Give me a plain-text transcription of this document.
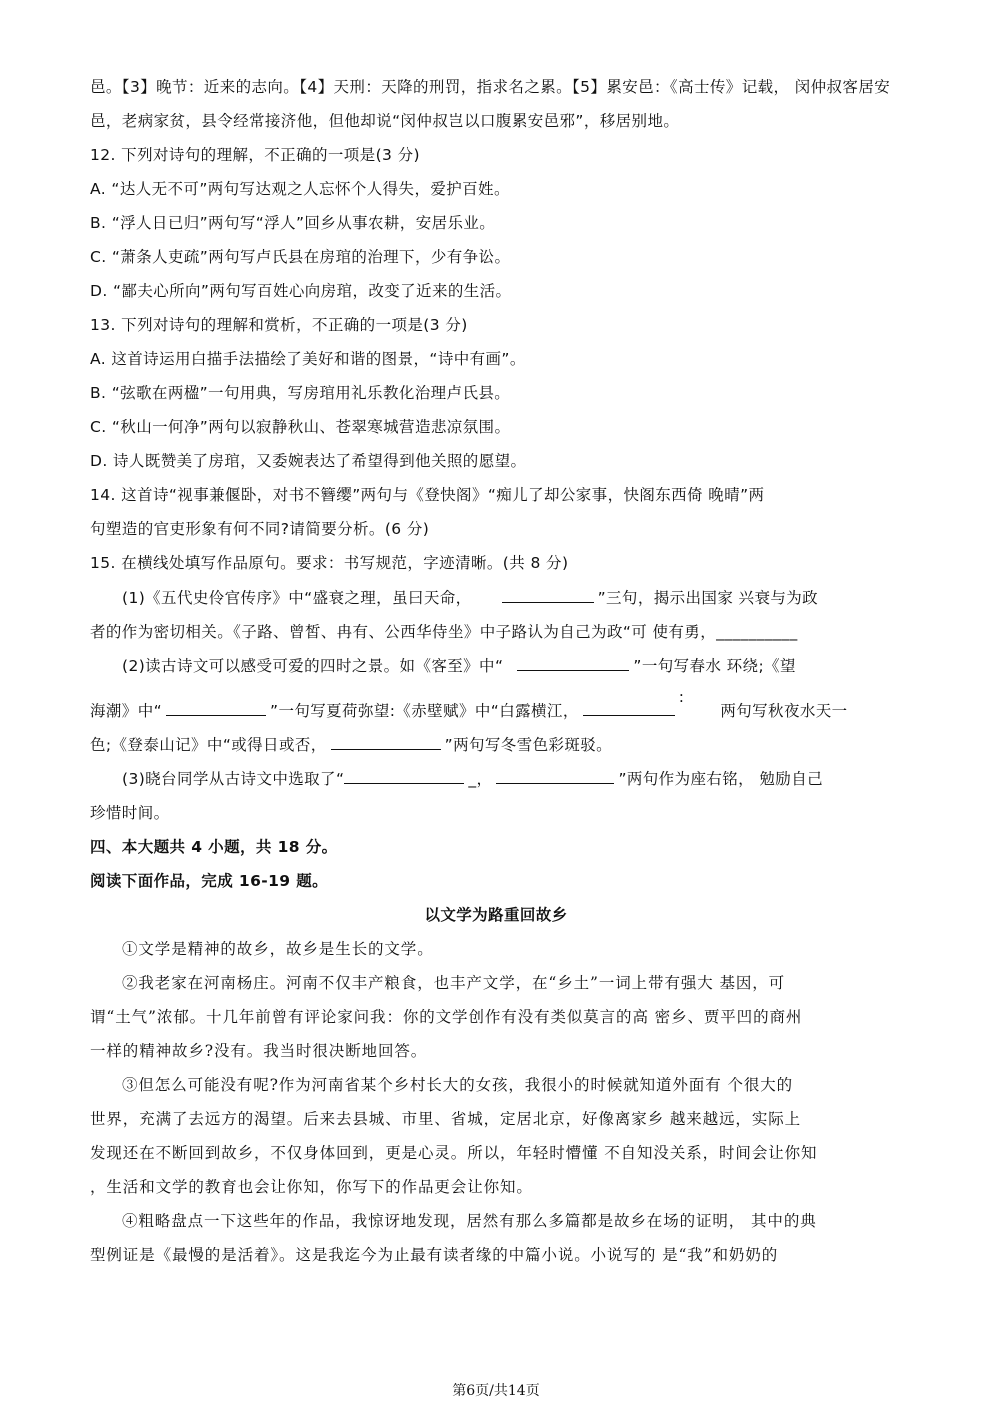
邑。【3】晚节：近来的志向。【4】天刑：天降的刑罚，指求名之累。【5】累安邑：《高士传》记载， 闵仲叔客居安
邑，老病家贫，县令经常接济他，但他却说“闵仲叔岂以口腹累安邑邪”，移居别地。
12. 下列对诗句的理解，不正确的一项是(3 分)
A. “达人无不可”两句写达观之人忘怀个人得失，爱护百姓。
B. “浮人日已归”两句写“浮人”回乡从事农耕，安居乐业。
C. “萧条人吏疏”两句写卢氏县在房琯的治理下，少有争讼。
D. “鄙夫心所向”两句写百姓心向房琯，改变了近来的生活。
13. 下列对诗句的理解和赏析，不正确的一项是(3 分)
A. 这首诗运用白描手法描绘了美好和谐的图景，“诗中有画”。
B. “弦歌在两楹”一句用典，写房琯用礼乐教化治理卢氏县。
C. “秋山一何净”两句以寂静秋山、苍翠寒城营造悲凉氛围。
D. 诗人既赞美了房琯，又委婉表达了希望得到他关照的愿望。
14. 这首诗“视事兼偃卧，对书不簪缨”两句与《登快阁》“痴儿了却公家事，快阁东西倚 晚晴”两
句塑造的官吏形象有何不同?请简要分析。(6 分)
15. 在横线处填写作品原句。要求：书写规范，字迹清晰。(共 8 分)
(1)《五代史伶官传序》中“盛衰之理，虽曰天命，	”三句，揭示出国家 兴衰与为政
者的作为密切相关。《子路、曾皙、冉有、公西华侍坐》中子路认为自己为政“可 使有勇，__________
(2)读古诗文可以感受可爱的四时之景。如《客至》中“	”一句写春水 环绕;《望
海潮》中“	”一句写夏荷弥望:《赤壁赋》中“白露横江，:两句写秋夜水天一
色;《登泰山记》中“或得日或否，	”两句写冬雪色彩斑驳。
(3)晓台同学从古诗文中选取了“	_，	”两句作为座右铭， 勉励自己
珍惜时间。
四、本大题共 4 小题，共 18 分。
阅读下面作品，完成 16-19 题。
以文学为路重回故乡
①文学是精神的故乡，故乡是生长的文学。
②我老家在河南杨庄。河南不仅丰产粮食，也丰产文学，在“乡土”一词上带有强大 基因，可
谓“土气”浓郁。十几年前曾有评论家问我：你的文学创作有没有类似莫言的高 密乡、贾平凹的商州
一样的精神故乡?没有。我当时很决断地回答。
③但怎么可能没有呢?作为河南省某个乡村长大的女孩，我很小的时候就知道外面有 个很大的
世界，充满了去远方的渴望。后来去县城、市里、省城，定居北京，好像离家乡 越来越远，实际上
发现还在不断回到故乡，不仅身体回到，更是心灵。所以，年轻时懵懂 不自知没关系，时间会让你知
，生活和文学的教育也会让你知，你写下的作品更会让你知。
④粗略盘点一下这些年的作品，我惊讶地发现，居然有那么多篇都是故乡在场的证明， 其中的典
型例证是《最慢的是活着》。这是我迄今为止最有读者缘的中篇小说。小说写的 是“我”和奶奶的
第6页/共14页
